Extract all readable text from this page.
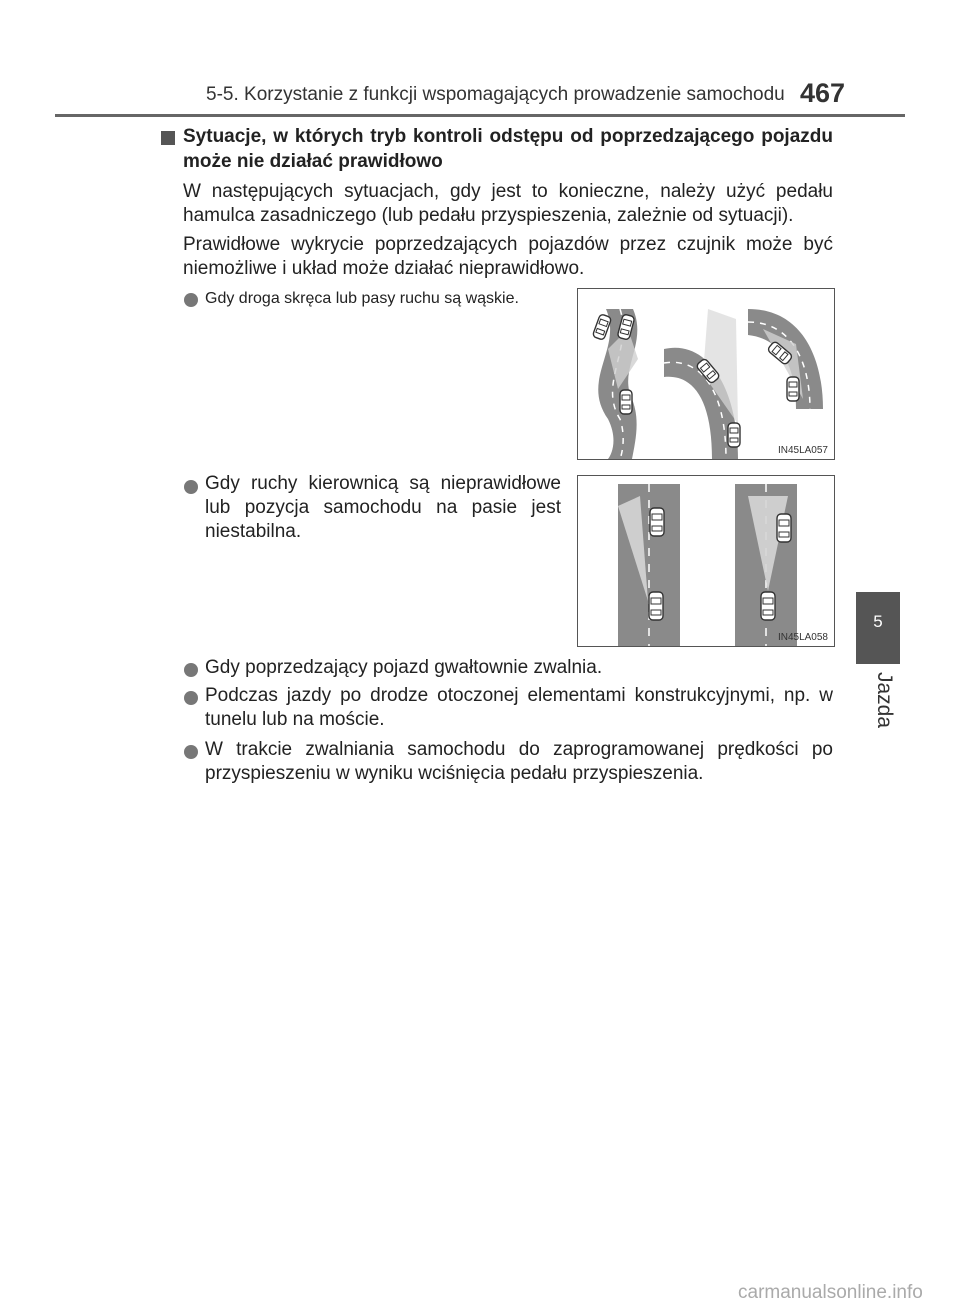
5-5. Korzystanie z funkcji wspomagających prowadzenie samochodu 467
5
Jazda
Sytuacje, w których tryb kontroli odstępu od poprzedzającego pojazdu może nie działać prawidłowo
W następujących sytuacjach, gdy jest to konieczne, należy użyć pedału hamulca zasadniczego (lub pedału przyspieszenia, zależnie od sytuacji).
Prawidłowe wykrycie poprzedzających pojazdów przez czujnik może być niemożliwe i układ może działać nieprawidłowo.
Gdy droga skręca lub pasy ruchu są wąskie.
IN45LA057
Gdy ruchy kierownicą są nieprawidłowe lub pozycja samochodu na pasie jest niestabilna.
IN45LA058
Gdy poprzedzający pojazd gwałtownie zwalnia.
Podczas jazdy po drodze otoczonej elementami konstrukcyjnymi, np. w tunelu lub na moście.
W trakcie zwalniania samochodu do zaprogramowanej prędkości po przyspieszeniu w wyniku wciśnięcia pedału przyspieszenia.
carmanualsonline.info
